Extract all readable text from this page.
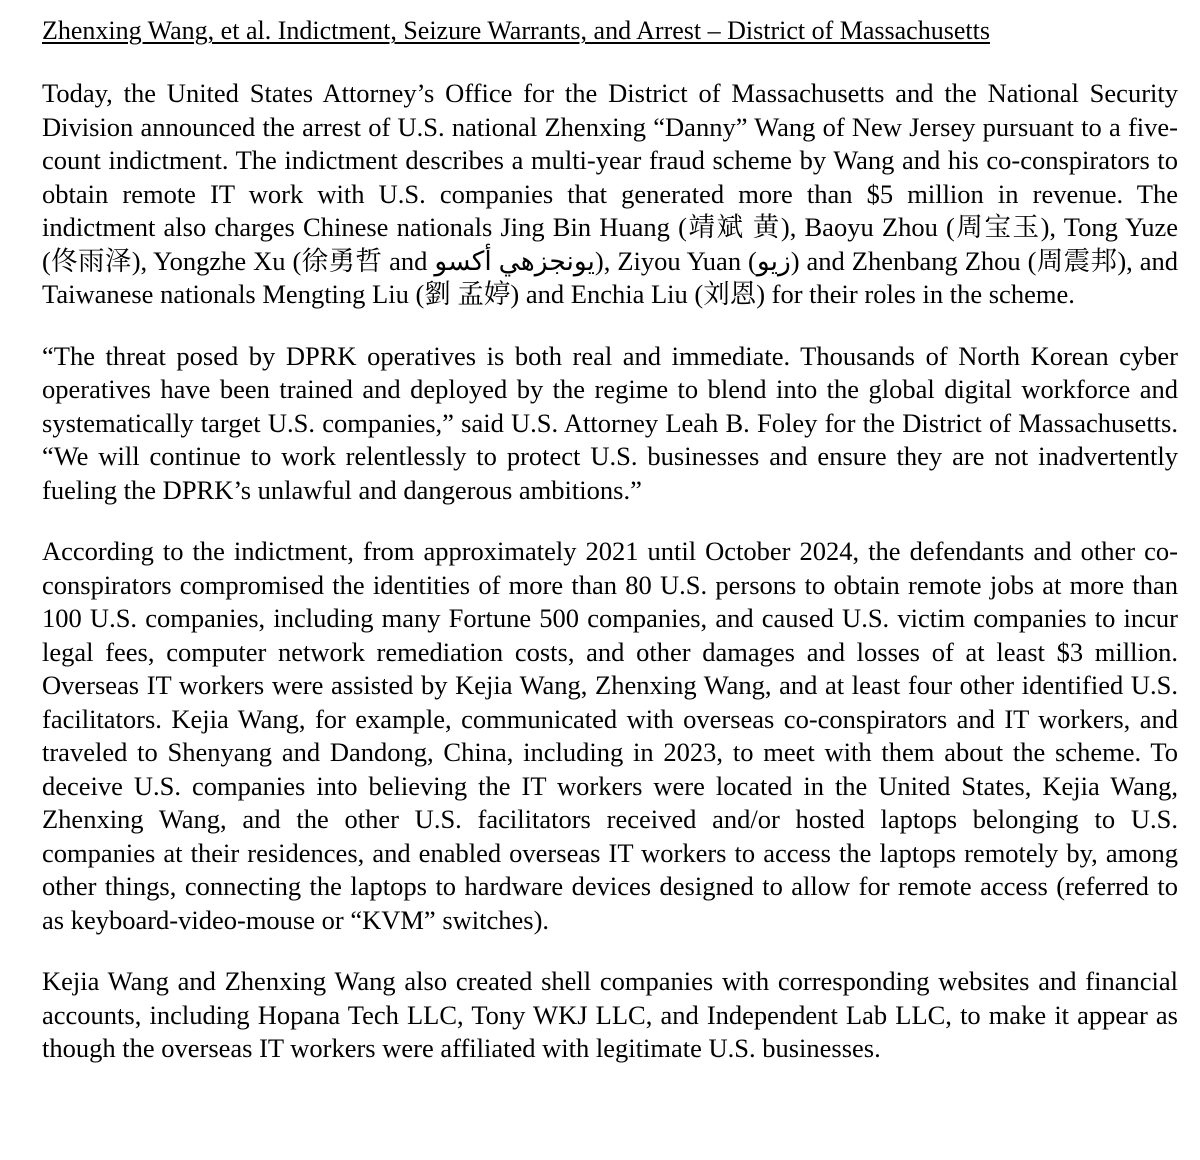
Zhenxing Wang, et al. Indictment, Seizure Warrants, and Arrest – District of Massachusetts

Today, the United States Attorney’s Office for the District of Massachusetts and the National Security Division announced the arrest of U.S. national Zhenxing “Danny” Wang of New Jersey pursuant to a five-count indictment. The indictment describes a multi-year fraud scheme by Wang and his co-conspirators to obtain remote IT work with U.S. companies that generated more than $5 million in revenue. The indictment also charges Chinese nationals Jing Bin Huang (靖斌 黄), Baoyu Zhou (周宝玉), Tong Yuze (佟雨泽), Yongzhe Xu (徐勇哲 and يونجزهي أكسو), Ziyou Yuan (زيو) and Zhenbang Zhou (周震邦), and Taiwanese nationals Mengting Liu (劉 孟婷) and Enchia Liu (刘恩) for their roles in the scheme.

“The threat posed by DPRK operatives is both real and immediate. Thousands of North Korean cyber operatives have been trained and deployed by the regime to blend into the global digital workforce and systematically target U.S. companies,” said U.S. Attorney Leah B. Foley for the District of Massachusetts. “We will continue to work relentlessly to protect U.S. businesses and ensure they are not inadvertently fueling the DPRK’s unlawful and dangerous ambitions.”

According to the indictment, from approximately 2021 until October 2024, the defendants and other co-conspirators compromised the identities of more than 80 U.S. persons to obtain remote jobs at more than 100 U.S. companies, including many Fortune 500 companies, and caused U.S. victim companies to incur legal fees, computer network remediation costs, and other damages and losses of at least $3 million. Overseas IT workers were assisted by Kejia Wang, Zhenxing Wang, and at least four other identified U.S. facilitators. Kejia Wang, for example, communicated with overseas co-conspirators and IT workers, and traveled to Shenyang and Dandong, China, including in 2023, to meet with them about the scheme. To deceive U.S. companies into believing the IT workers were located in the United States, Kejia Wang, Zhenxing Wang, and the other U.S. facilitators received and/or hosted laptops belonging to U.S. companies at their residences, and enabled overseas IT workers to access the laptops remotely by, among other things, connecting the laptops to hardware devices designed to allow for remote access (referred to as keyboard-video-mouse or “KVM” switches).

Kejia Wang and Zhenxing Wang also created shell companies with corresponding websites and financial accounts, including Hopana Tech LLC, Tony WKJ LLC, and Independent Lab LLC, to make it appear as though the overseas IT workers were affiliated with legitimate U.S. businesses.
